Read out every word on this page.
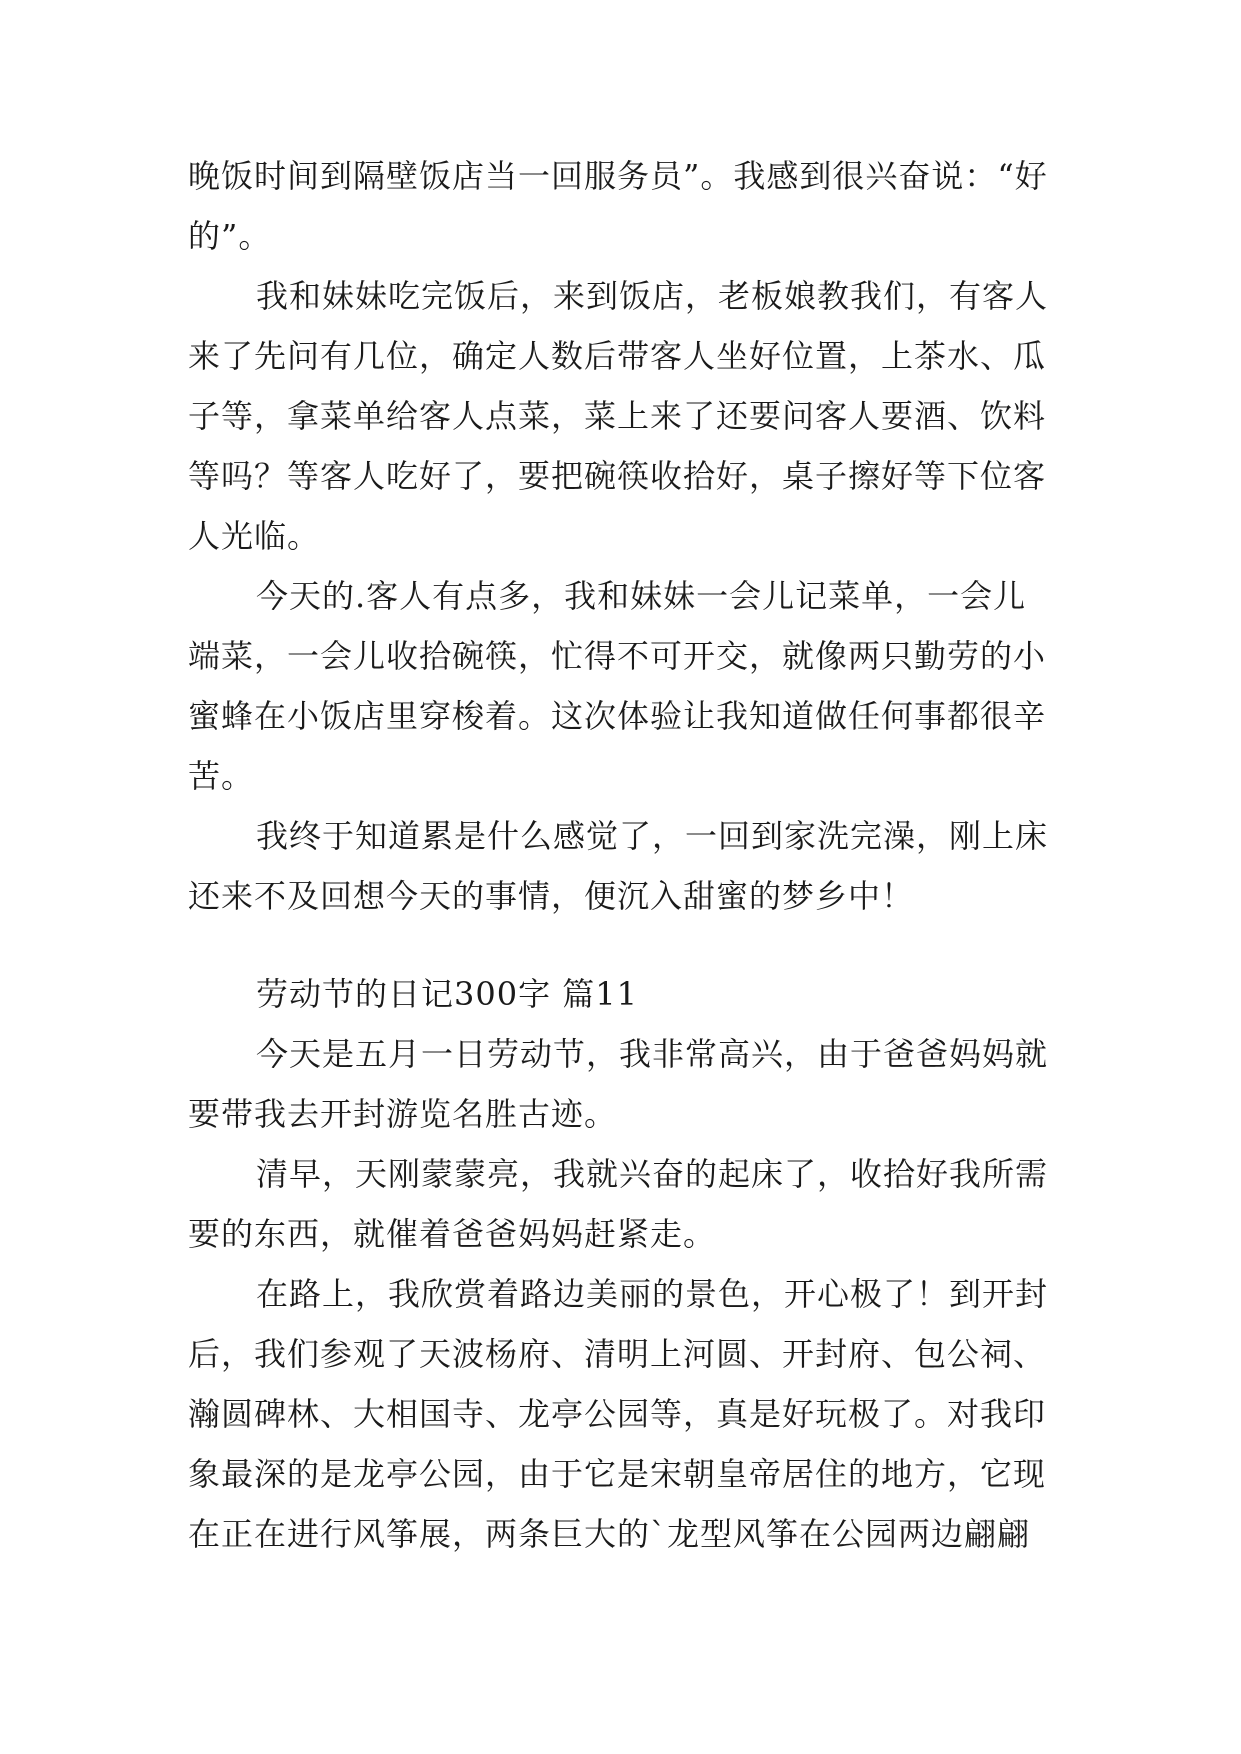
晚饭时间到隔壁饭店当一回服务员”。我感到很兴奋说：“好
的”。
我和妹妹吃完饭后，来到饭店，老板娘教我们，有客人
来了先问有几位，确定人数后带客人坐好位置，上茶水、瓜
子等，拿菜单给客人点菜，菜上来了还要问客人要酒、饮料
等吗？等客人吃好了，要把碗筷收拾好，桌子擦好等下位客
人光临。
今天的.客人有点多，我和妹妹一会儿记菜单，一会儿
端菜，一会儿收拾碗筷，忙得不可开交，就像两只勤劳的小
蜜蜂在小饭店里穿梭着。这次体验让我知道做任何事都很辛
苦。
我终于知道累是什么感觉了，一回到家洗完澡，刚上床
还来不及回想今天的事情，便沉入甜蜜的梦乡中！
劳动节的日记300字 篇11
今天是五月一日劳动节，我非常高兴，由于爸爸妈妈就
要带我去开封游览名胜古迹。
清早，天刚蒙蒙亮，我就兴奋的起床了，收拾好我所需
要的东西，就催着爸爸妈妈赶紧走。
在路上，我欣赏着路边美丽的景色，开心极了！到开封
后，我们参观了天波杨府、清明上河圆、开封府、包公祠、
瀚圆碑林、大相国寺、龙亭公园等，真是好玩极了。对我印
象最深的是龙亭公园，由于它是宋朝皇帝居住的地方，它现
在正在进行风筝展，两条巨大的`龙型风筝在公园两边翩翩
